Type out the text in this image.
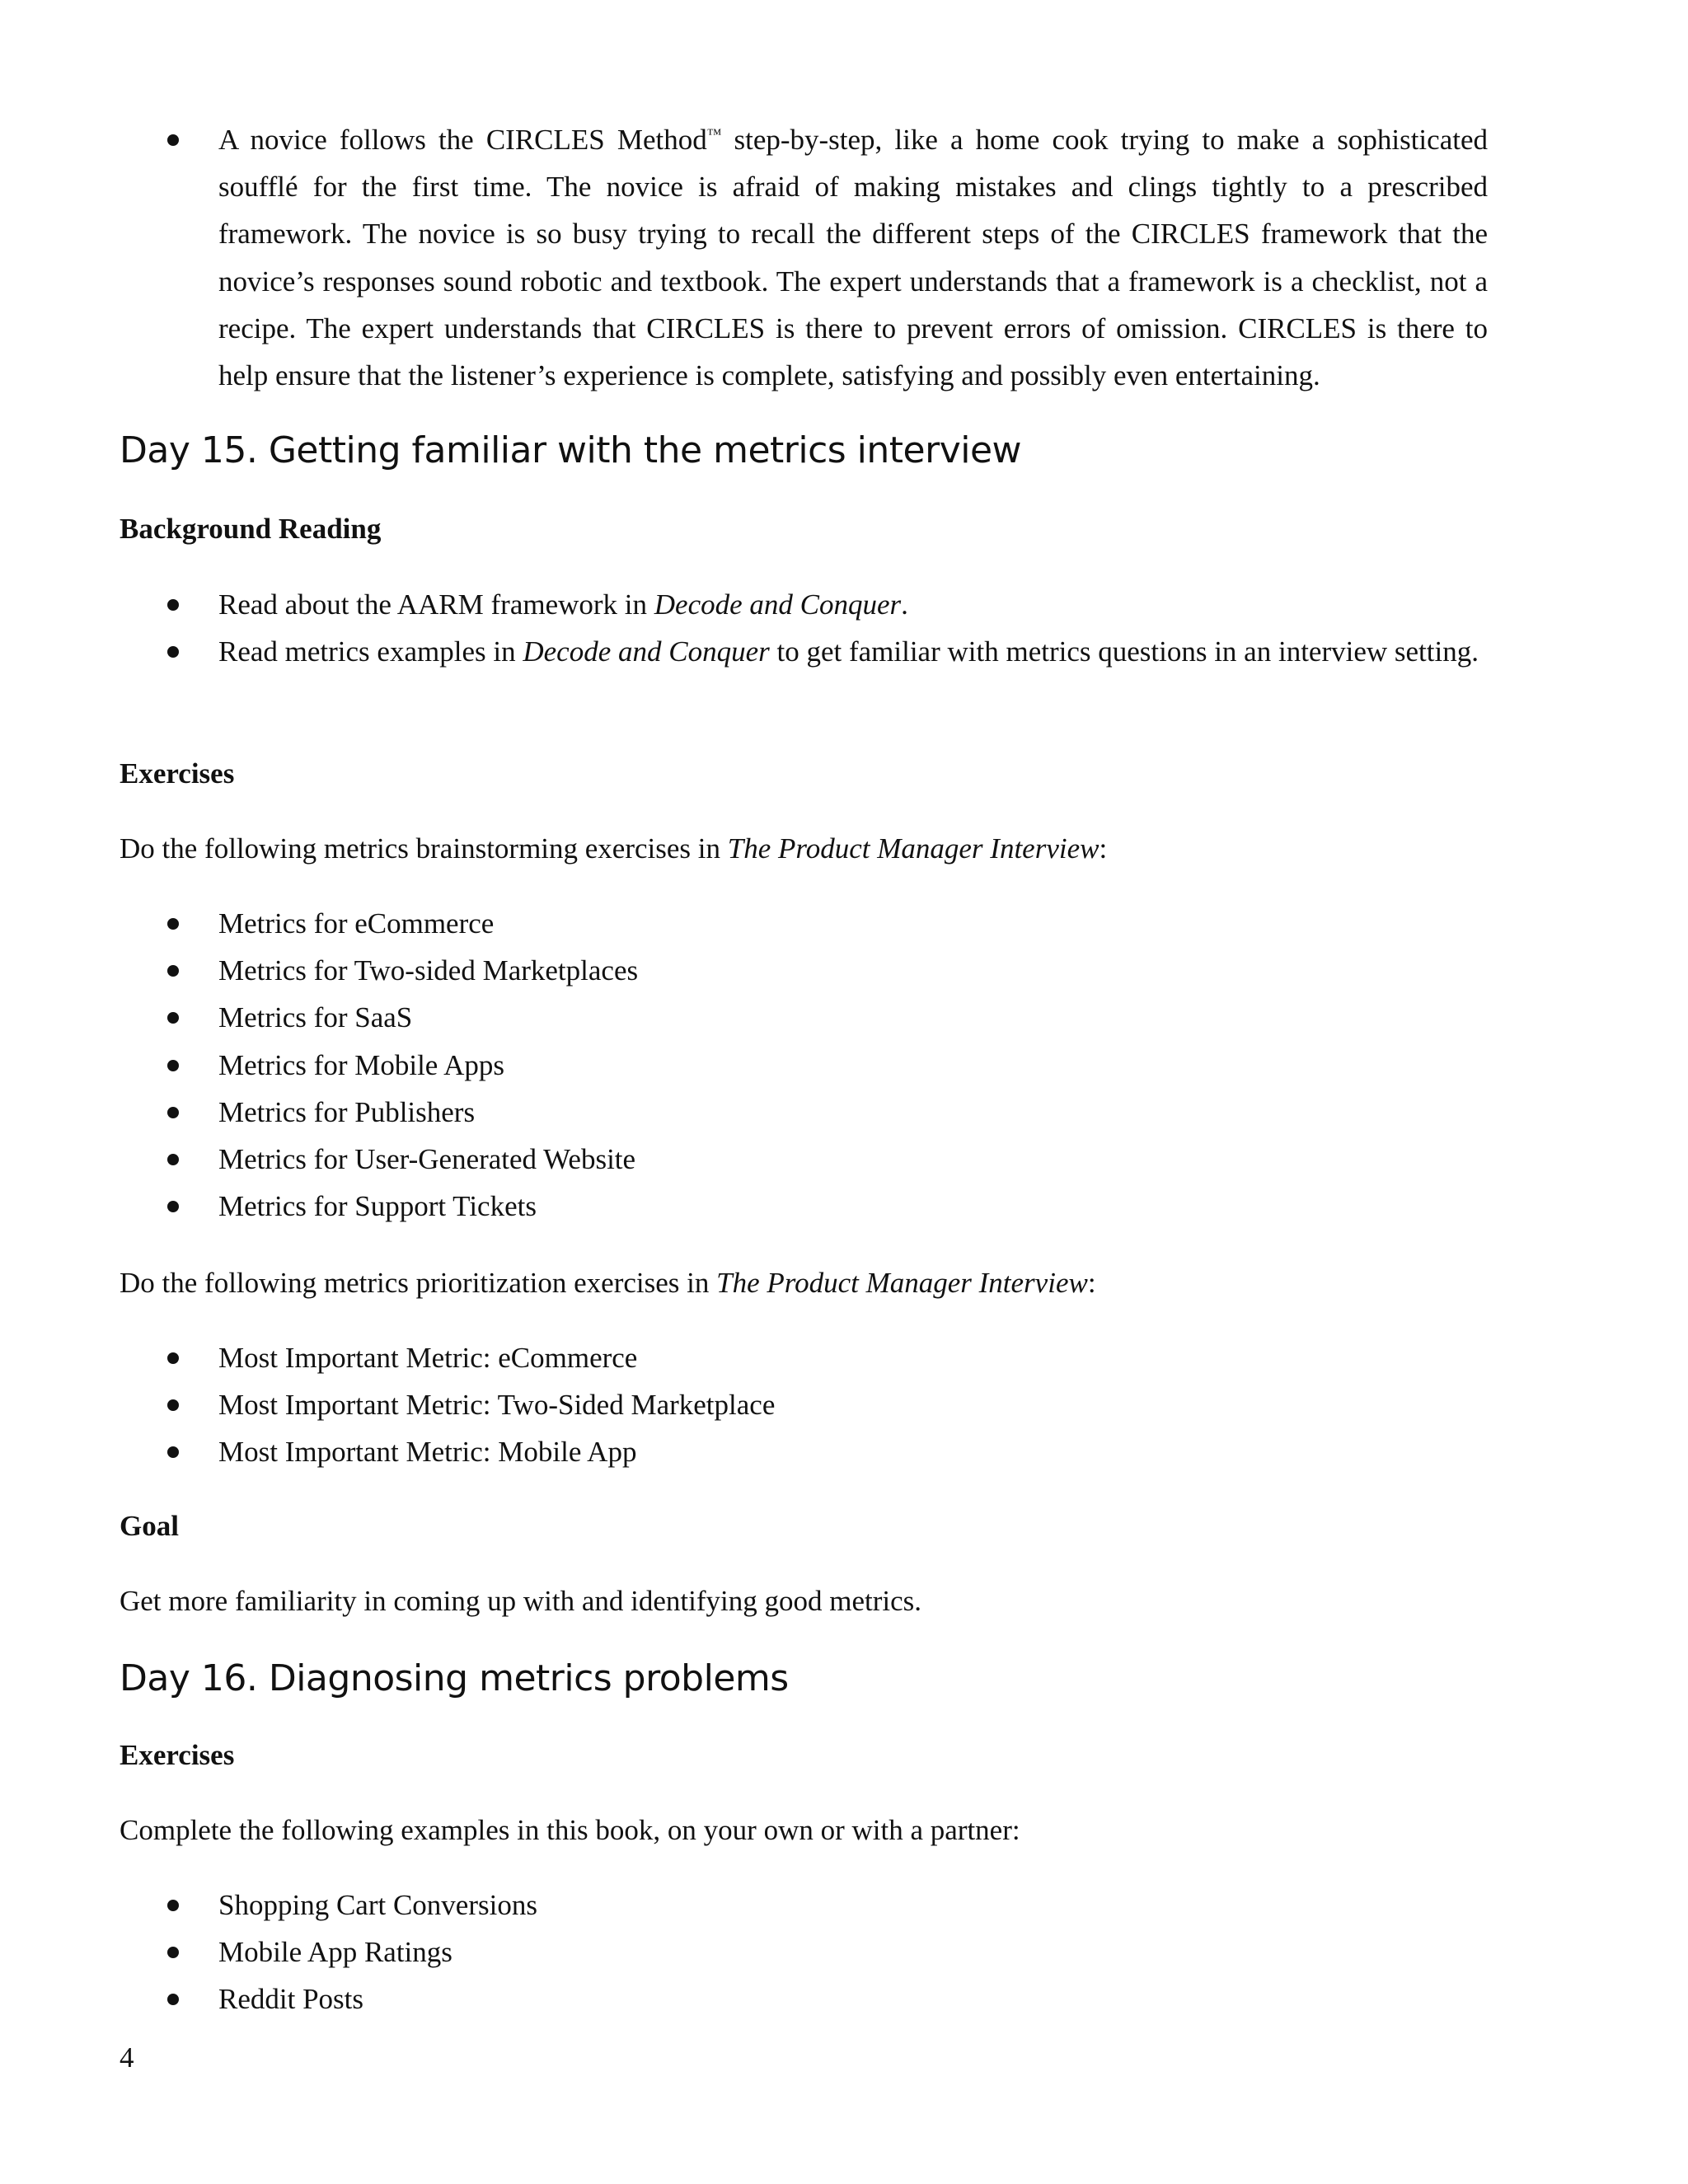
A novice follows the CIRCLES Method™ step-by-step, like a home cook trying to make a sophisticated soufflé for the first time. The novice is afraid of making mistakes and clings tightly to a prescribed framework. The novice is so busy trying to recall the different steps of the CIRCLES framework that the novice’s responses sound robotic and textbook. The expert understands that a framework is a checklist, not a recipe. The expert understands that CIRCLES is there to prevent errors of omission. CIRCLES is there to help ensure that the listener’s experience is complete, satisfying and possibly even entertaining.
Day 15. Getting familiar with the metrics interview

Background Reading

Read about the AARM framework in Decode and Conquer.
Read metrics examples in Decode and Conquer to get familiar with metrics questions in an interview setting.

Exercises

Do the following metrics brainstorming exercises in The Product Manager Interview:

Metrics for eCommerce
Metrics for Two-sided Marketplaces
Metrics for SaaS
Metrics for Mobile Apps
Metrics for Publishers
Metrics for User-Generated Website
Metrics for Support Tickets

Do the following metrics prioritization exercises in The Product Manager Interview:

Most Important Metric: eCommerce
Most Important Metric: Two-Sided Marketplace
Most Important Metric: Mobile App

Goal

Get more familiarity in coming up with and identifying good metrics.

Day 16. Diagnosing metrics problems

Exercises

Complete the following examples in this book, on your own or with a partner:

Shopping Cart Conversions
Mobile App Ratings
Reddit Posts

4
